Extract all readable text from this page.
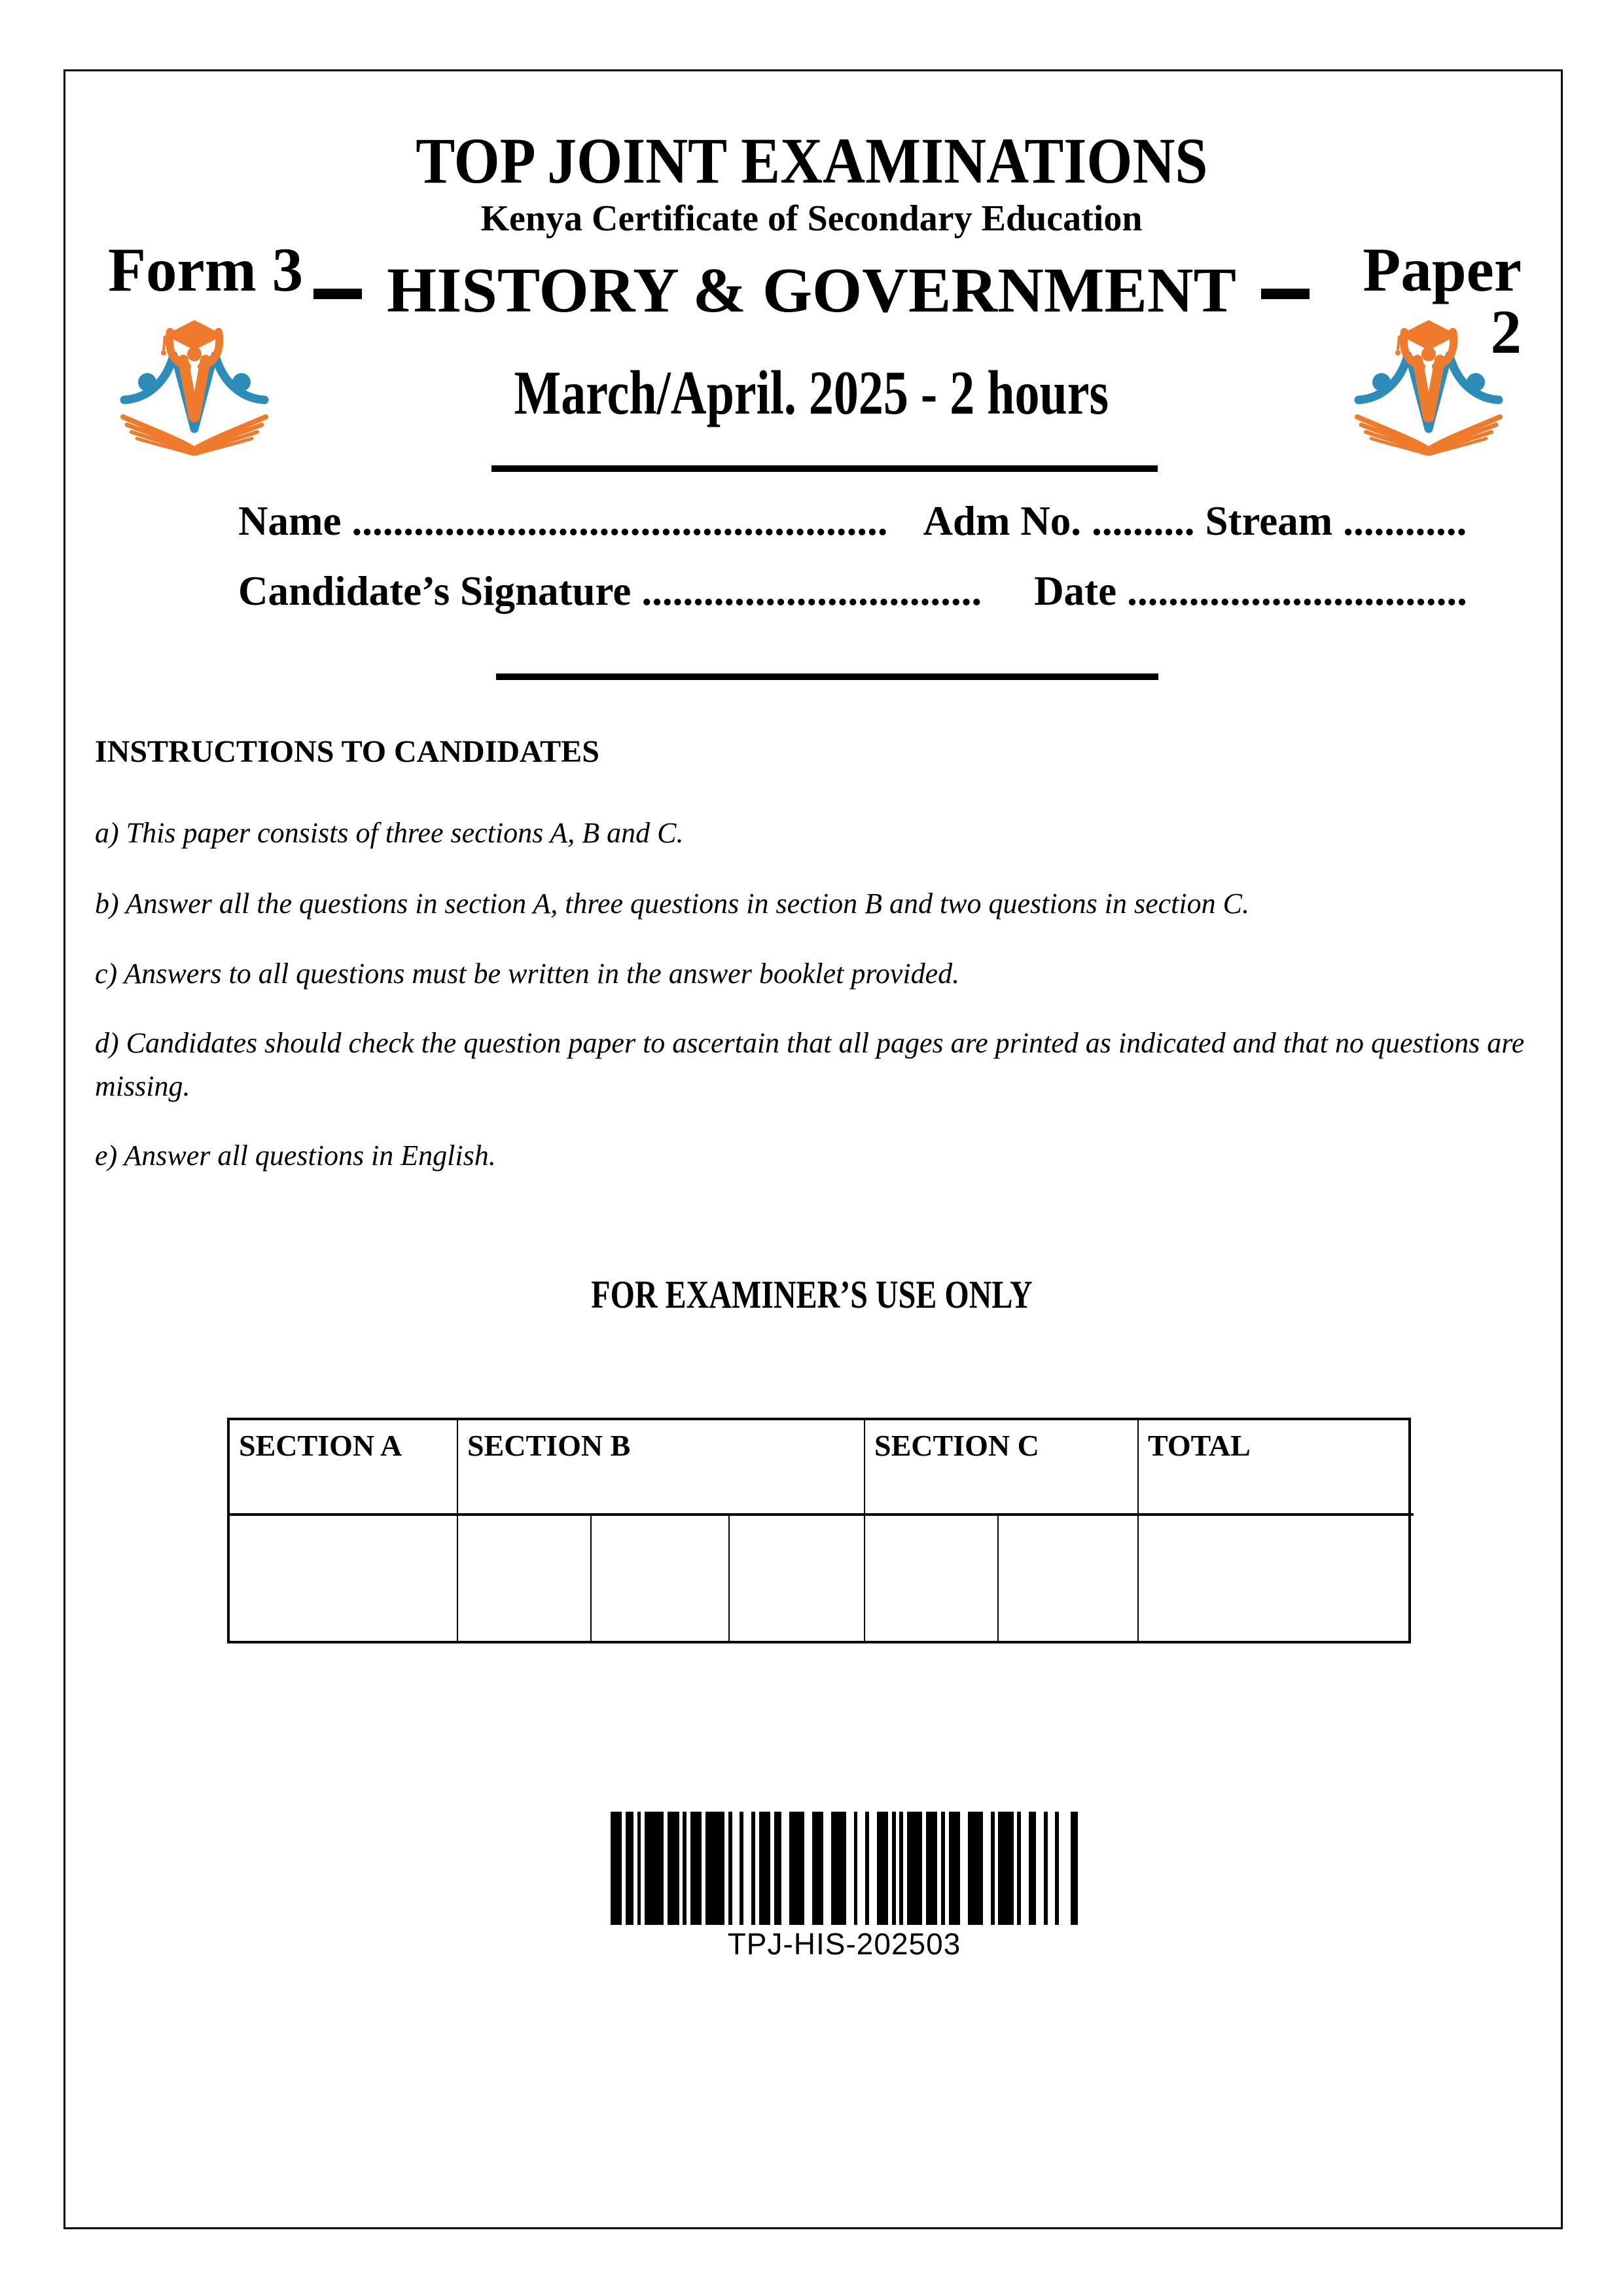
TOP JOINT EXAMINATIONS
Kenya Certificate of Secondary Education
Form 3	Paper 2
HISTORY & GOVERNMENT
March/April. 2025 - 2 hours
Name .................................................... Adm No. .......... Stream ............
Candidate’s Signature ................................. Date .................................
INSTRUCTIONS TO CANDIDATES
a) This paper consists of three sections A, B and C.
b) Answer all the questions in section A, three questions in section B and two questions in section C.
c) Answers to all questions must be written in the answer booklet provided.
d) Candidates should check the question paper to ascertain that all pages are printed as indicated and that no questions are missing.
e) Answer all questions in English.
FOR EXAMINER’S USE ONLY
SECTION A	SECTION B	SECTION C	TOTAL
TPJ-HIS-202503
